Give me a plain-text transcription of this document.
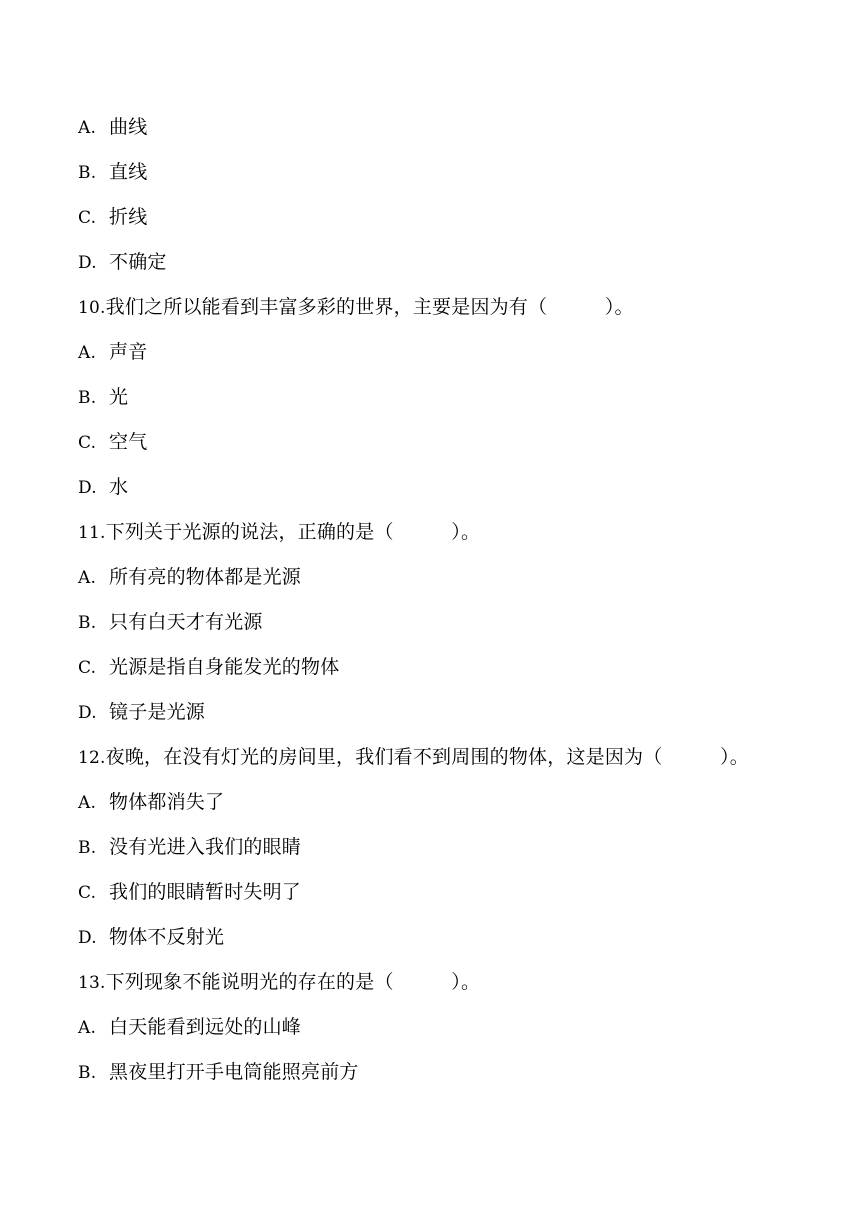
A. 曲线
B. 直线
C. 折线
D. 不确定
10.我们之所以能看到丰富多彩的世界，主要是因为有（　　　）。
A. 声音
B. 光
C. 空气
D. 水
11.下列关于光源的说法，正确的是（　　　）。
A. 所有亮的物体都是光源
B. 只有白天才有光源
C. 光源是指自身能发光的物体
D. 镜子是光源
12.夜晚，在没有灯光的房间里，我们看不到周围的物体，这是因为（　　　）。
A. 物体都消失了
B. 没有光进入我们的眼睛
C. 我们的眼睛暂时失明了
D. 物体不反射光
13.下列现象不能说明光的存在的是（　　　）。
A. 白天能看到远处的山峰
B. 黑夜里打开手电筒能照亮前方
